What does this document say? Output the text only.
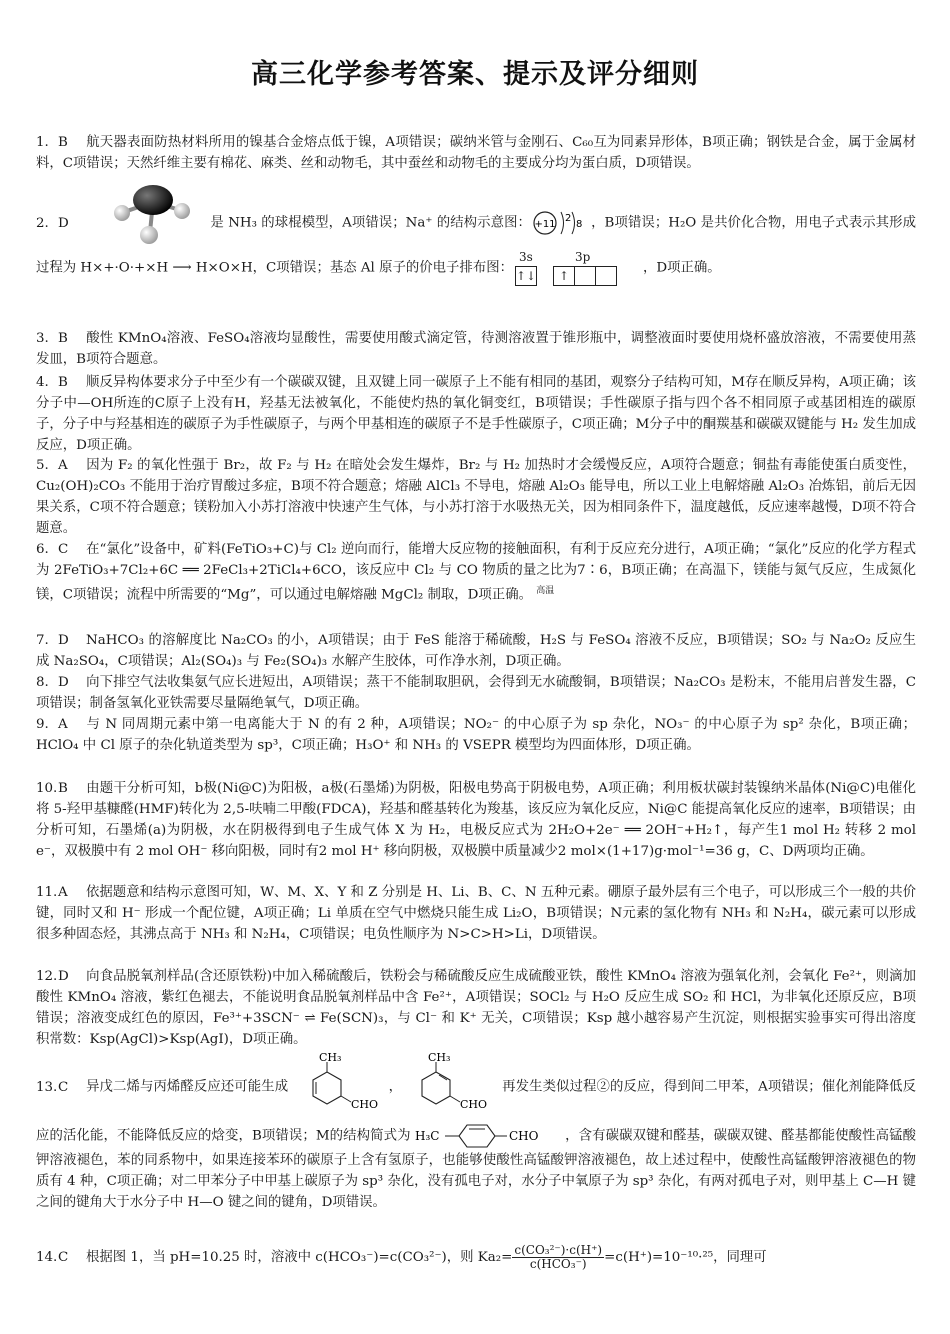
高三化学参考答案、提示及评分细则
1. B 航天器表面防热材料所用的镍基合金熔点低于镍，A项错误；碳纳米管与金刚石、C₆₀互为同素异形体，B项正确；钢铁是合金，属于金属材料，C项错误；天然纤维主要有棉花、麻类、丝和动物毛，其中蚕丝和动物毛的主要成分均为蛋白质，D项错误。
2. D	是 NH₃ 的球棍模型，A项错误；Na⁺ 的结构示意图： +11
2
8 ，B项错误；H₂O 是共价化合物，用电子式表示其形成过程为 H×+·O·+×H ⟶ H×O×H，C项错误；基态 Al 原子的价电子排布图：
3s	3p
↑↓	↑
，D项正确。
3. B 酸性 KMnO₄溶液、FeSO₄溶液均显酸性，需要使用酸式滴定管，待测溶液置于锥形瓶中，调整液面时要使用烧杯盛放溶液，不需要使用蒸发皿，B项符合题意。
4. B 顺反异构体要求分子中至少有一个碳碳双键，且双键上同一碳原子上不能有相同的基团，观察分子结构可知，M存在顺反异构，A项正确；该分子中—OH所连的C原子上没有H，羟基无法被氧化，不能使灼热的氧化铜变红，B项错误；手性碳原子指与四个各不相同原子或基团相连的碳原子，分子中与羟基相连的碳原子为手性碳原子，与两个甲基相连的碳原子不是手性碳原子，C项正确；M分子中的酮羰基和碳碳双键能与 H₂ 发生加成反应，D项正确。
5. A 因为 F₂ 的氧化性强于 Br₂，故 F₂ 与 H₂ 在暗处会发生爆炸，Br₂ 与 H₂ 加热时才会缓慢反应，A项符合题意；铜盐有毒能使蛋白质变性，Cu₂(OH)₂CO₃ 不能用于治疗胃酸过多症，B项不符合题意；熔融 AlCl₃ 不导电，熔融 Al₂O₃ 能导电，所以工业上电解熔融 Al₂O₃ 冶炼铝，前后无因果关系，C项不符合题意；镁粉加入小苏打溶液中快速产生气体，与小苏打溶于水吸热无关，因为相同条件下，温度越低，反应速率越慢，D项不符合题意。
6. C 在“氯化”设备中，矿料(FeTiO₃+C)与 Cl₂ 逆向而行，能增大反应物的接触面积，有利于反应充分进行，A项正确；“氯化”反应的化学方程式为 2FeTiO₃+7Cl₂+6C ══ 2FeCl₃+2TiCl₄+6CO，该反应中 Cl₂ 与 CO 物质的量之比为7∶6，B项正确；在高温下，镁能与氮气反应，生成氮化镁，C项错误；流程中所需要的“Mg”，可以通过电解熔融 MgCl₂ 制取，D项正确。 $^{高温}$
7. D NaHCO₃ 的溶解度比 Na₂CO₃ 的小，A项错误；由于 FeS 能溶于稀硫酸，H₂S 与 FeSO₄ 溶液不反应，B项错误；SO₂ 与 Na₂O₂ 反应生成 Na₂SO₄，C项错误；Al₂(SO₄)₃ 与 Fe₂(SO₄)₃ 水解产生胶体，可作净水剂，D项正确。
8. D 向下排空气法收集氨气应长进短出，A项错误；蒸干不能制取胆矾，会得到无水硫酸铜，B项错误；Na₂CO₃ 是粉末，不能用启普发生器，C项错误；制备氢氧化亚铁需要尽量隔绝氧气，D项正确。
9. A 与 N 同周期元素中第一电离能大于 N 的有 2 种，A项错误；NO₂⁻ 的中心原子为 sp 杂化，NO₃⁻ 的中心原子为 sp² 杂化，B项正确；HClO₄ 中 Cl 原子的杂化轨道类型为 sp³，C项正确；H₃O⁺ 和 NH₃ 的 VSEPR 模型均为四面体形，D项正确。
10.B 由题干分析可知，b极(Ni@C)为阳极，a极(石墨烯)为阴极，阳极电势高于阴极电势，A项正确；利用板状碳封装镍纳米晶体(Ni@C)电催化将 5-羟甲基糠醛(HMF)转化为 2,5-呋喃二甲酸(FDCA)，羟基和醛基转化为羧基，该反应为氧化反应，Ni@C 能提高氧化反应的速率，B项错误；由分析可知，石墨烯(a)为阴极，水在阴极得到电子生成气体 X 为 H₂，电极反应式为 2H₂O+2e⁻ ══ 2OH⁻+H₂↑，每产生1 mol H₂ 转移 2 mol e⁻，双极膜中有 2 mol OH⁻ 移向阳极，同时有2 mol H⁺ 移向阴极，双极膜中质量减少2 mol×(1+17)g·mol⁻¹=36 g，C、D两项均正确。
11.A 依据题意和结构示意图可知，W、M、X、Y 和 Z 分别是 H、Li、B、C、N 五种元素。硼原子最外层有三个电子，可以形成三个一般的共价键，同时又和 H⁻ 形成一个配位键，A项正确；Li 单质在空气中燃烧只能生成 Li₂O，B项错误；N元素的氢化物有 NH₃ 和 N₂H₄，碳元素可以形成很多种固态烃，其沸点高于 NH₃ 和 N₂H₄，C项错误；电负性顺序为 N>C>H>Li，D项错误。
12.D 向食品脱氧剂样品(含还原铁粉)中加入稀硫酸后，铁粉会与稀硫酸反应生成硫酸亚铁，酸性 KMnO₄ 溶液为强氧化剂，会氧化 Fe²⁺，则滴加酸性 KMnO₄ 溶液，紫红色褪去，不能说明食品脱氧剂样品中含 Fe²⁺，A项错误；SOCl₂ 与 H₂O 反应生成 SO₂ 和 HCl，为非氧化还原反应，B项错误；溶液变成红色的原因，Fe³⁺+3SCN⁻ ⇌ Fe(SCN)₃，与 Cl⁻ 和 K⁺ 无关，C项错误；Ksp 越小越容易产生沉淀，则根据实验事实可得出溶度积常数：Ksp(AgCl)>Ksp(AgI)，D项正确。
13.C 异戊二烯与丙烯醛反应还可能生成
CH₃
CHO
，
CH₃
CHO
再发生类似过程②的反应，得到间二甲苯，A项错误；催化剂能降低反应的活化能，不能降低反应的焓变，B项错误；M的结构简式为 H₃C	CHO ，含有碳碳双键和醛基，碳碳双键、醛基都能使酸性高锰酸钾溶液褪色，苯的同系物中，如果连接苯环的碳原子上含有氢原子，也能够使酸性高锰酸钾溶液褪色，故上述过程中，使酸性高锰酸钾溶液褪色的物质有 4 种，C项正确；对二甲苯分子中甲基上碳原子为 sp³ 杂化，没有孤电子对，水分子中氧原子为 sp³ 杂化，有两对孤电子对，则甲基上 C—H 键之间的键角大于水分子中 H—O 键之间的键角，D项错误。
14.C 根据图 1，当 pH=10.25 时，溶液中 c(HCO₃⁻)=c(CO₃²⁻)，则 $Ka_2= \frac{\text{c(CO₃²⁻)·c(H⁺)}}{\text{c(HCO₃⁻)}} =c(H^+)=10^{-10}\cdot^{25}$，同理可
